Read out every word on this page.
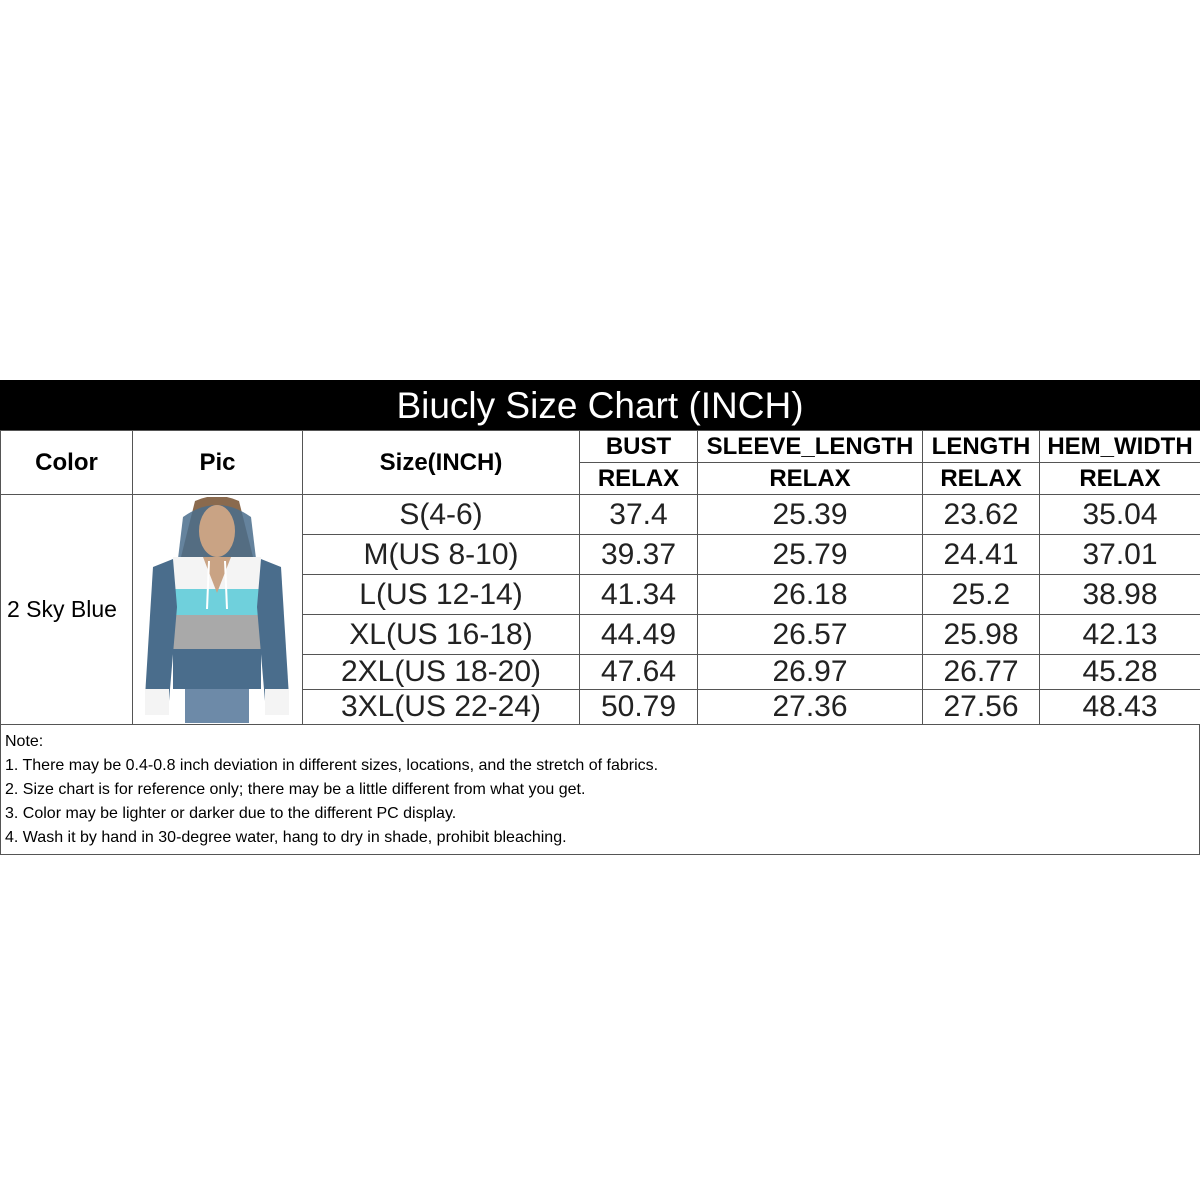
Biucly Size Chart (INCH)
Color	Pic	Size(INCH)	BUST	SLEEVE_LENGTH	LENGTH	HEM_WIDTH
			RELAX	RELAX	RELAX	RELAX
2 Sky Blue		S(4-6)	37.4	25.39	23.62	35.04
		M(US 8-10)	39.37	25.79	24.41	37.01
		L(US 12-14)	41.34	26.18	25.2	38.98
		XL(US 16-18)	44.49	26.57	25.98	42.13
		2XL(US 18-20)	47.64	26.97	26.77	45.28
		3XL(US 22-24)	50.79	27.36	27.56	48.43
Note:
1. There may be 0.4-0.8 inch deviation in different sizes, locations, and the stretch of fabrics.
2. Size chart is for reference only; there may be a little different from what you get.
3. Color may be lighter or darker due to the different PC display.
4. Wash it by hand in 30-degree water, hang to dry in shade, prohibit bleaching.
